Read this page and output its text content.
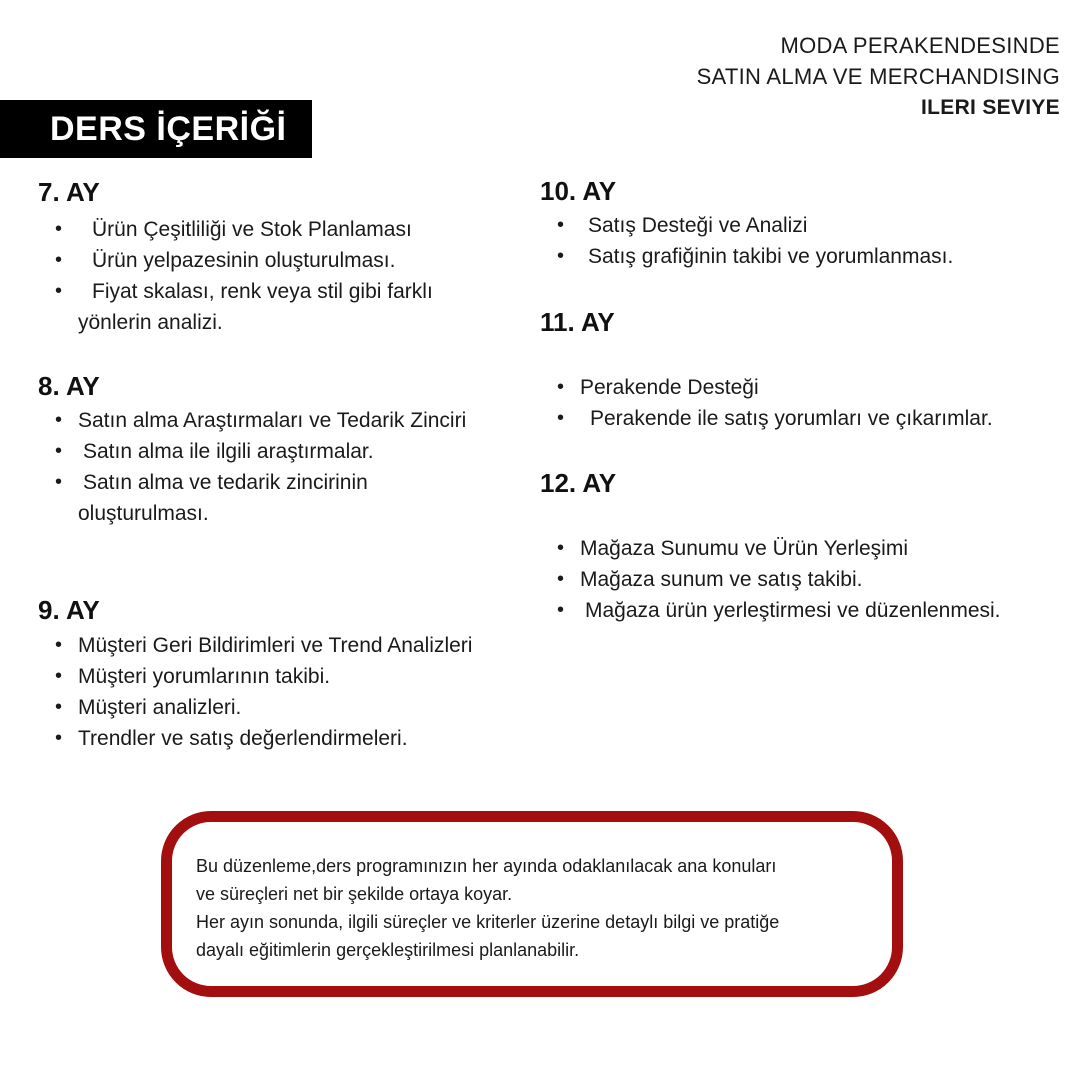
MODA PERAKENDESINDE
SATIN ALMA VE MERCHANDISING
ILERI SEVIYE
DERS İÇERİĞİ
7. AY
• Ürün Çeşitliliği ve Stok Planlaması
• Ürün yelpazesinin oluşturulması.
• Fiyat skalası, renk veya stil gibi farklı
yönlerin analizi.
8. AY
• Satın alma Araştırmaları ve Tedarik Zinciri
• Satın alma ile ilgili araştırmalar.
• Satın alma ve tedarik zincirinin
oluşturulması.
9. AY
• Müşteri Geri Bildirimleri ve Trend Analizleri
• Müşteri yorumlarının takibi.
• Müşteri analizleri.
• Trendler ve satış değerlendirmeleri.
10. AY
• Satış Desteği ve Analizi
• Satış grafiğinin takibi ve yorumlanması.
11. AY
• Perakende Desteği
• Perakende ile satış yorumları ve çıkarımlar.
12. AY
• Mağaza Sunumu ve Ürün Yerleşimi
• Mağaza sunum ve satış takibi.
• Mağaza ürün yerleştirmesi ve düzenlenmesi.

Bu düzenleme,ders programınızın her ayında odaklanılacak ana konuları

ve süreçleri net bir şekilde ortaya koyar.

Her ayın sonunda, ilgili süreçler ve kriterler üzerine detaylı bilgi ve pratiğe

dayalı eğitimlerin gerçekleştirilmesi planlanabilir.
